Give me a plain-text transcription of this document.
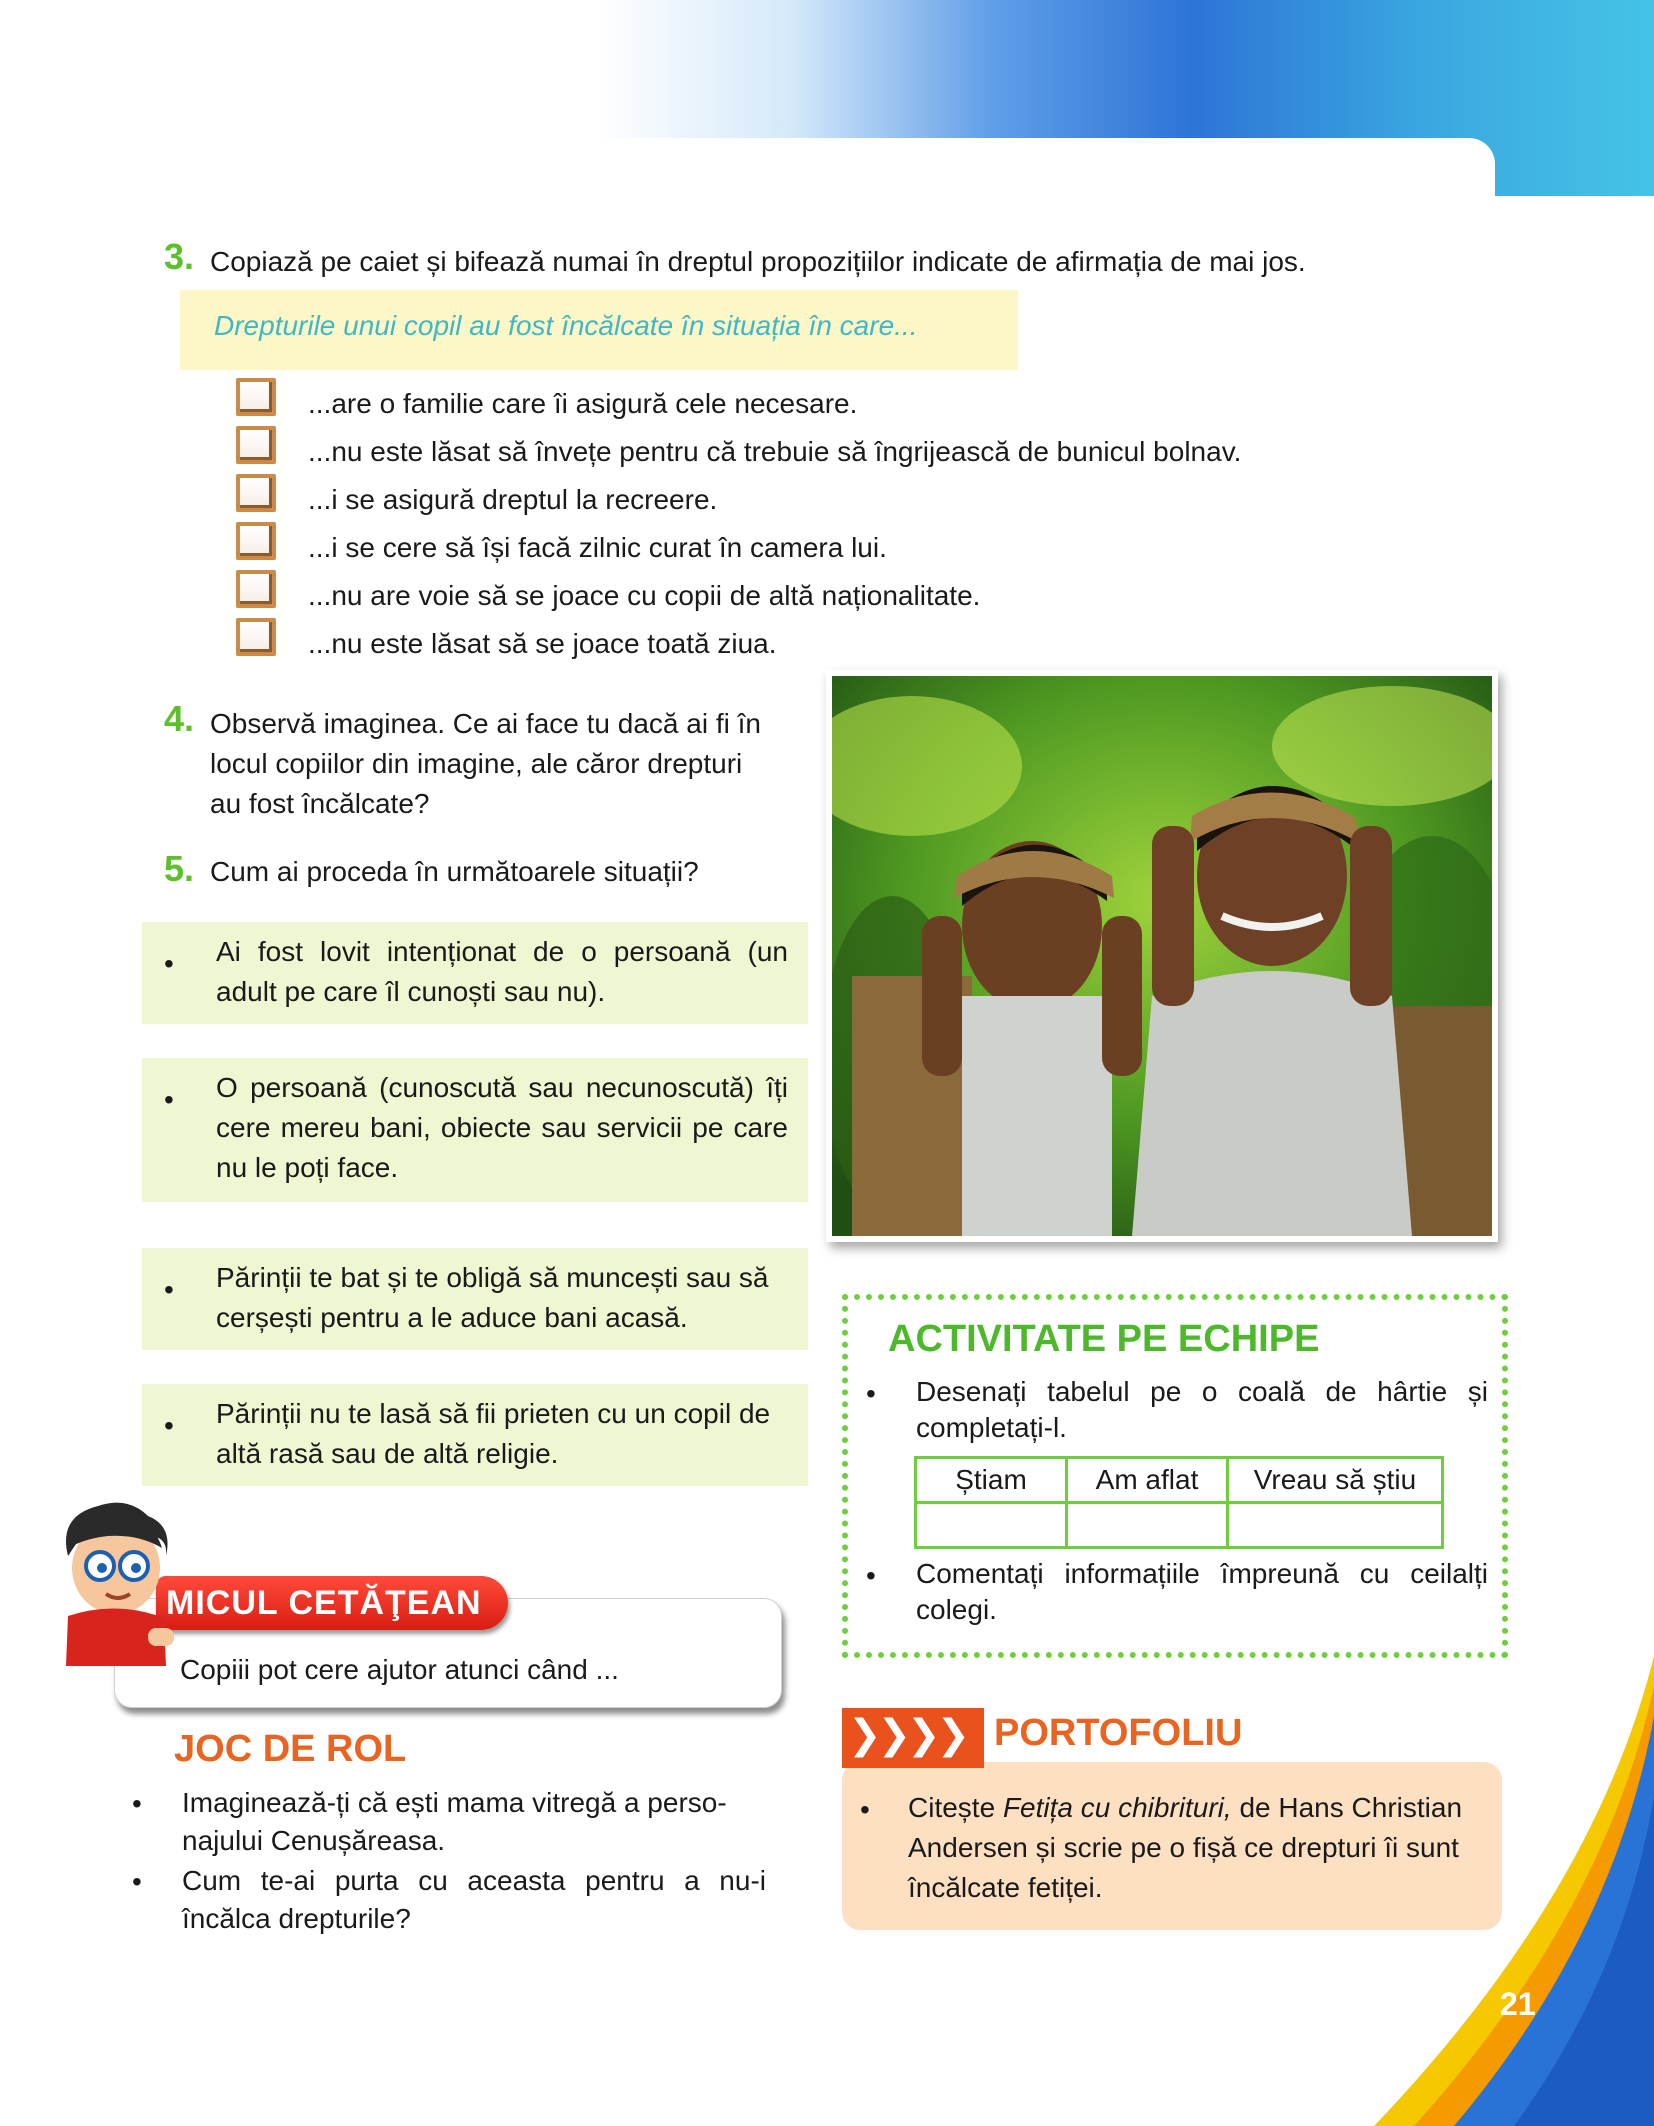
3. Copiază pe caiet și bifează numai în dreptul propozițiilor indicate de afirmația de mai jos.
Drepturile unui copil au fost încălcate în situația în care...
...are o familie care îi asigură cele necesare.
...nu este lăsat să învețe pentru că trebuie să îngrijească de bunicul bolnav.
...i se asigură dreptul la recreere.
...i se cere să își facă zilnic curat în camera lui.
...nu are voie să se joace cu copii de altă naționalitate.
...nu este lăsat să se joace toată ziua.
4. Observă imaginea. Ce ai face tu dacă ai fi în
locul copiilor din imagine, ale căror drepturi
au fost încălcate?
5. Cum ai proceda în următoarele situații?
• Ai fost lovit intenționat de o persoană (un adult pe care îl cunoști sau nu).
• O persoană (cunoscută sau necunoscută) îți cere mereu bani, obiecte sau servicii pe care nu le poți face.
• Părinții te bat și te obligă să muncești sau să cerșești pentru a le aduce bani acasă.
• Părinții nu te lasă să fii prieten cu un copil de altă rasă sau de altă religie.
ACTIVITATE PE ECHIPE
• Desenați tabelul pe o coală de hârtie și completați-l.
Știam	Am aflat	Vreau să știu

• Comentați informațiile împreună cu ceilalți colegi.
MICUL CETĂŢEAN
Copiii pot cere ajutor atunci când ...
JOC DE ROL
• Imaginează-ți că ești mama vitregă a perso-
najului Cenușăreasa.
• Cum te-ai purta cu aceasta pentru a nu-i
încălca drepturile?
❯❯❯❯ PORTOFOLIU
• Citește Fetița cu chibrituri, de Hans Christian
Andersen și scrie pe o fișă ce drepturi îi sunt
încălcate fetiței.
21
